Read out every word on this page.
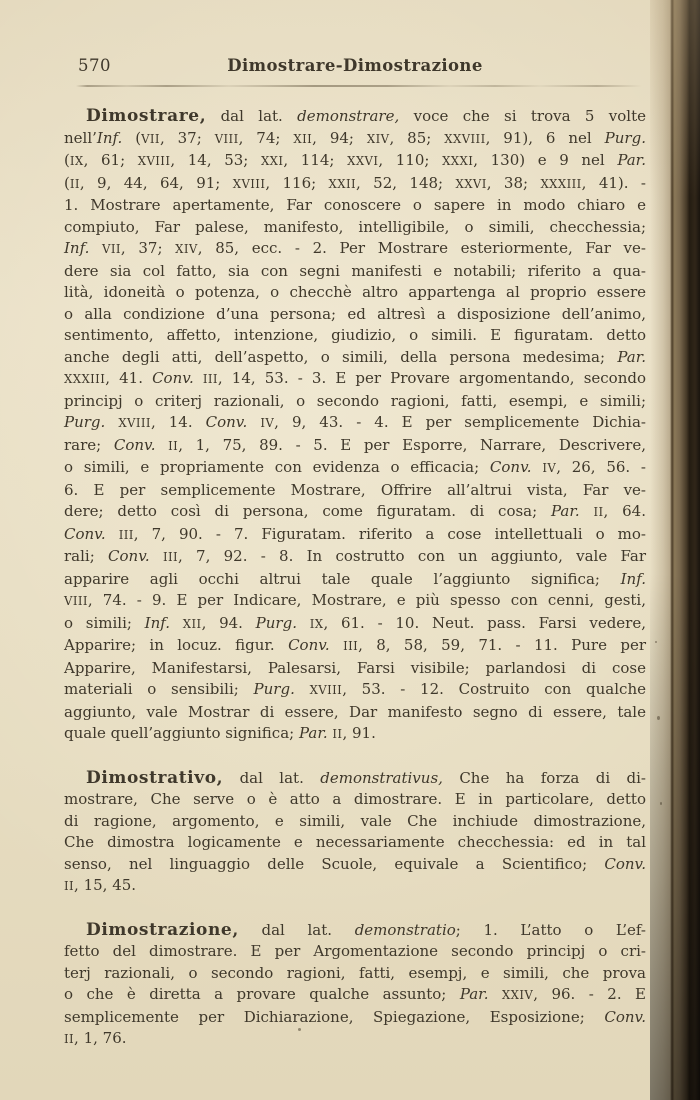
570	Dimostrare-Dimostrazione
Dimostrare, dal lat. demonstrare, voce che si trova 5 volte
nell’Inf. (VII, 37; VIII, 74; XII, 94; XIV, 85; XXVIII, 91), 6 nel Purg.
(IX, 61; XVIII, 14, 53; XXI, 114; XXVI, 110; XXXI, 130) e 9 nel Par.
(II, 9, 44, 64, 91; XVIII, 116; XXII, 52, 148; XXVI, 38; XXXIII, 41). -
1. Mostrare apertamente, Far conoscere o sapere in modo chiaro e
compiuto, Far palese, manifesto, intelligibile, o simili, checchessia;
Inf. VII, 37; XIV, 85, ecc. - 2. Per Mostrare esteriormente, Far ve-
dere sia col fatto, sia con segni manifesti e notabili; riferito a qua-
lità, idoneità o potenza, o checchè altro appartenga al proprio essere
o alla condizione d’una persona; ed altresì a disposizione dell’animo,
sentimento, affetto, intenzione, giudizio, o simili. E figuratam. detto
anche degli atti, dell’aspetto, o simili, della persona medesima; Par.
XXXIII, 41. Conv. III, 14, 53. - 3. E per Provare argomentando, secondo
principj o criterj razionali, o secondo ragioni, fatti, esempi, e simili;
Purg. XVIII, 14. Conv. IV, 9, 43. - 4. E per semplicemente Dichia-
rare; Conv. II, 1, 75, 89. - 5. E per Esporre, Narrare, Descrivere,
o simili, e propriamente con evidenza o efficacia; Conv. IV, 26, 56. -
6. E per semplicemente Mostrare, Offrire all’altrui vista, Far ve-
dere; detto così di persona, come figuratam. di cosa; Par. II, 64.
Conv. III, 7, 90. - 7. Figuratam. riferito a cose intellettuali o mo-
rali; Conv. III, 7, 92. - 8. In costrutto con un aggiunto, vale Far
apparire agli occhi altrui tale quale l’aggiunto significa; Inf.
VIII, 74. - 9. E per Indicare, Mostrare, e più spesso con cenni, gesti,
o simili; Inf. XII, 94. Purg. IX, 61. - 10. Neut. pass. Farsi vedere,
Apparire; in locuz. figur. Conv. III, 8, 58, 59, 71. - 11. Pure per
Apparire, Manifestarsi, Palesarsi, Farsi visibile; parlandosi di cose
materiali o sensibili; Purg. XVIII, 53. - 12. Costruito con qualche
aggiunto, vale Mostrar di essere, Dar manifesto segno di essere, tale
quale quell’aggiunto significa; Par. II, 91.
Dimostrativo, dal lat. demonstrativus, Che ha forza di di-
mostrare, Che serve o è atto a dimostrare. E in particolare, detto
di ragione, argomento, e simili, vale Che inchiude dimostrazione,
Che dimostra logicamente e necessariamente checchessia: ed in tal
senso, nel linguaggio delle Scuole, equivale a Scientifico; Conv.
II, 15, 45.
Dimostrazione, dal lat. demonstratio; 1. L’atto o L’ef-
fetto del dimostrare. E per Argomentazione secondo principj o cri-
terj razionali, o secondo ragioni, fatti, esempj, e simili, che prova
o che è diretta a provare qualche assunto; Par. XXIV, 96. - 2. E
semplicemente per Dichiarazione, Spiegazione, Esposizione; Conv.
II, 1, 76.
